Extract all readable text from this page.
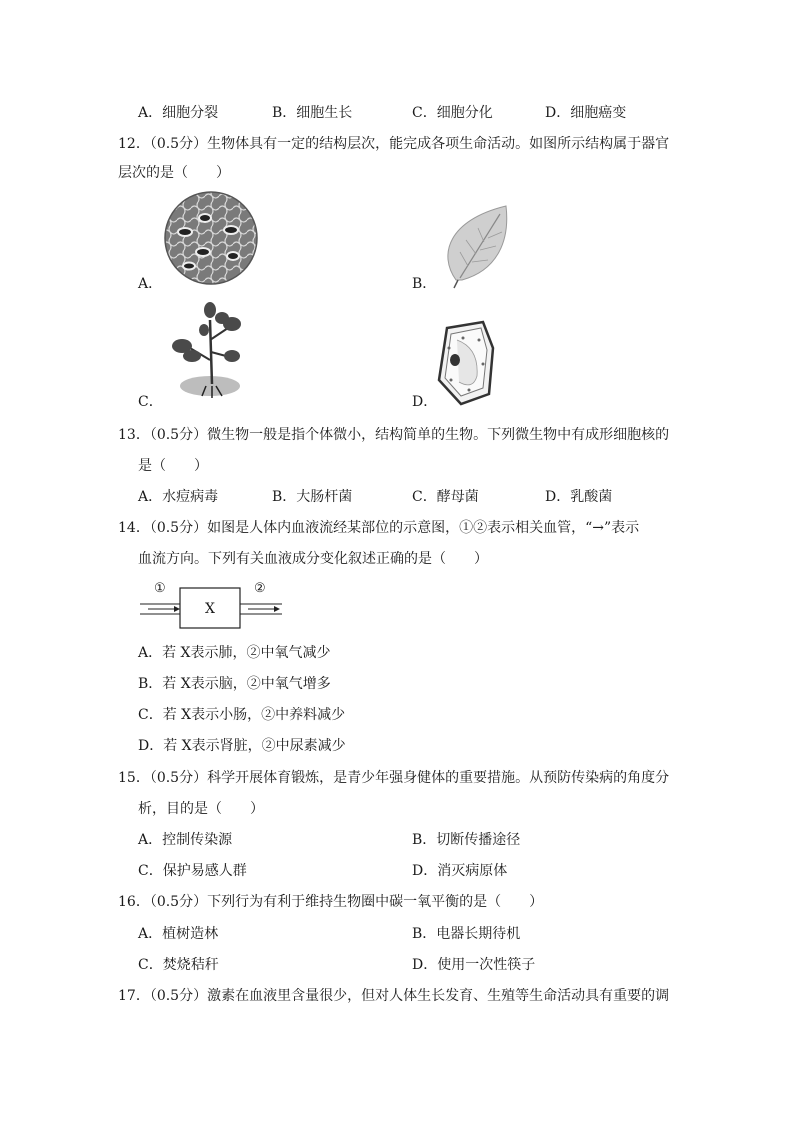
A．细胞分裂	B．细胞生长	C．细胞分化	D．细胞癌变
12．（0.5分）生物体具有一定的结构层次，能完成各项生命活动。如图所示结构属于器官
层次的是（　　）
A．	B．
C．	D．
13．（0.5分）微生物一般是指个体微小，结构简单的生物。下列微生物中有成形细胞核的
是（　　）
A．水痘病毒	B．大肠杆菌	C．酵母菌	D．乳酸菌
14．（0.5分）如图是人体内血液流经某部位的示意图，①②表示相关血管，“→”表示
血流方向。下列有关血液成分变化叙述正确的是（　　）
①	②
X
A．若 X表示肺，②中氧气减少
B．若 X表示脑，②中氧气增多
C．若 X表示小肠，②中养料减少
D．若 X表示肾脏，②中尿素减少
15．（0.5分）科学开展体育锻炼，是青少年强身健体的重要措施。从预防传染病的角度分
析，目的是（　　）
A．控制传染源	B．切断传播途径
C．保护易感人群	D．消灭病原体
16．（0.5分）下列行为有利于维持生物圈中碳一氧平衡的是（　　）
A．植树造林	B．电器长期待机
C．焚烧秸秆	D．使用一次性筷子
17．（0.5分）激素在血液里含量很少，但对人体生长发育、生殖等生命活动具有重要的调
